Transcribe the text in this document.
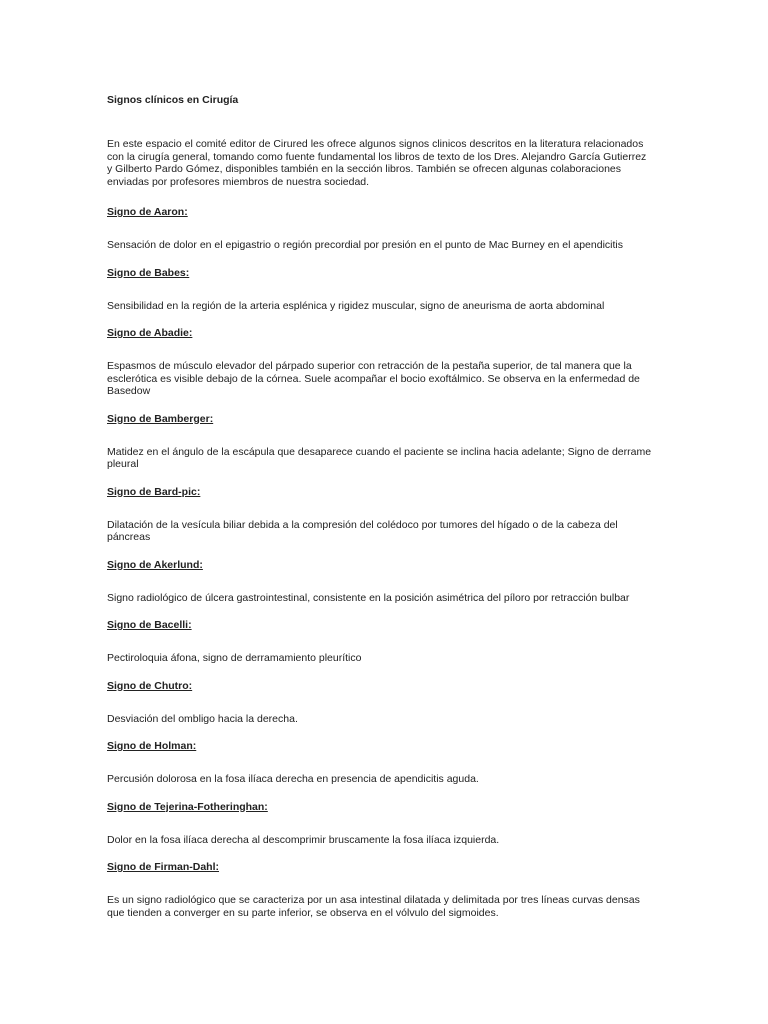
Signos clínicos en Cirugía
En este espacio el comité editor de Cirured les ofrece algunos signos clinicos descritos en la literatura relacionados
con la cirugía general, tomando como fuente fundamental los libros de texto de los Dres. Alejandro García Gutierrez
y Gilberto Pardo Gómez, disponibles también en la sección libros. También se ofrecen algunas colaboraciones
enviadas por profesores miembros de nuestra sociedad.
Signo de Aaron:
Sensación de dolor en el epigastrio o región precordial por presión en el punto de Mac Burney en el apendicitis
Signo de Babes:
Sensibilidad en la región de la arteria esplénica y rigidez muscular, signo de aneurisma de aorta abdominal
Signo de Abadie:
Espasmos de músculo elevador del párpado superior con retracción de la pestaña superior, de tal manera que la
esclerótica es visible debajo de la córnea. Suele acompañar el bocio exoftálmico. Se observa en la enfermedad de
Basedow
Signo de Bamberger:
Matidez en el ángulo de la escápula que desaparece cuando el paciente se inclina hacia adelante; Signo de derrame
pleural
Signo de Bard-pic:
Dilatación de la vesícula biliar debida a la compresión del colédoco por tumores del hígado o de la cabeza del
páncreas
Signo de Akerlund:
Signo radiológico de úlcera gastrointestinal, consistente en la posición asimétrica del píloro por retracción bulbar
Signo de Bacelli:
Pectiroloquia áfona, signo de derramamiento pleurítico
Signo de Chutro:
Desviación del ombligo hacia la derecha.
Signo de Holman:
Percusión dolorosa en la fosa ilíaca derecha en presencia de apendicitis aguda.
Signo de Tejerina-Fotheringhan:
Dolor en la fosa ilíaca derecha al descomprimir bruscamente la fosa ilíaca izquierda.
Signo de Firman-Dahl:
Es un signo radiológico que se caracteriza por un asa intestinal dilatada y delimitada por tres líneas curvas densas
que tienden a converger en su parte inferior, se observa en el vólvulo del sigmoides.
